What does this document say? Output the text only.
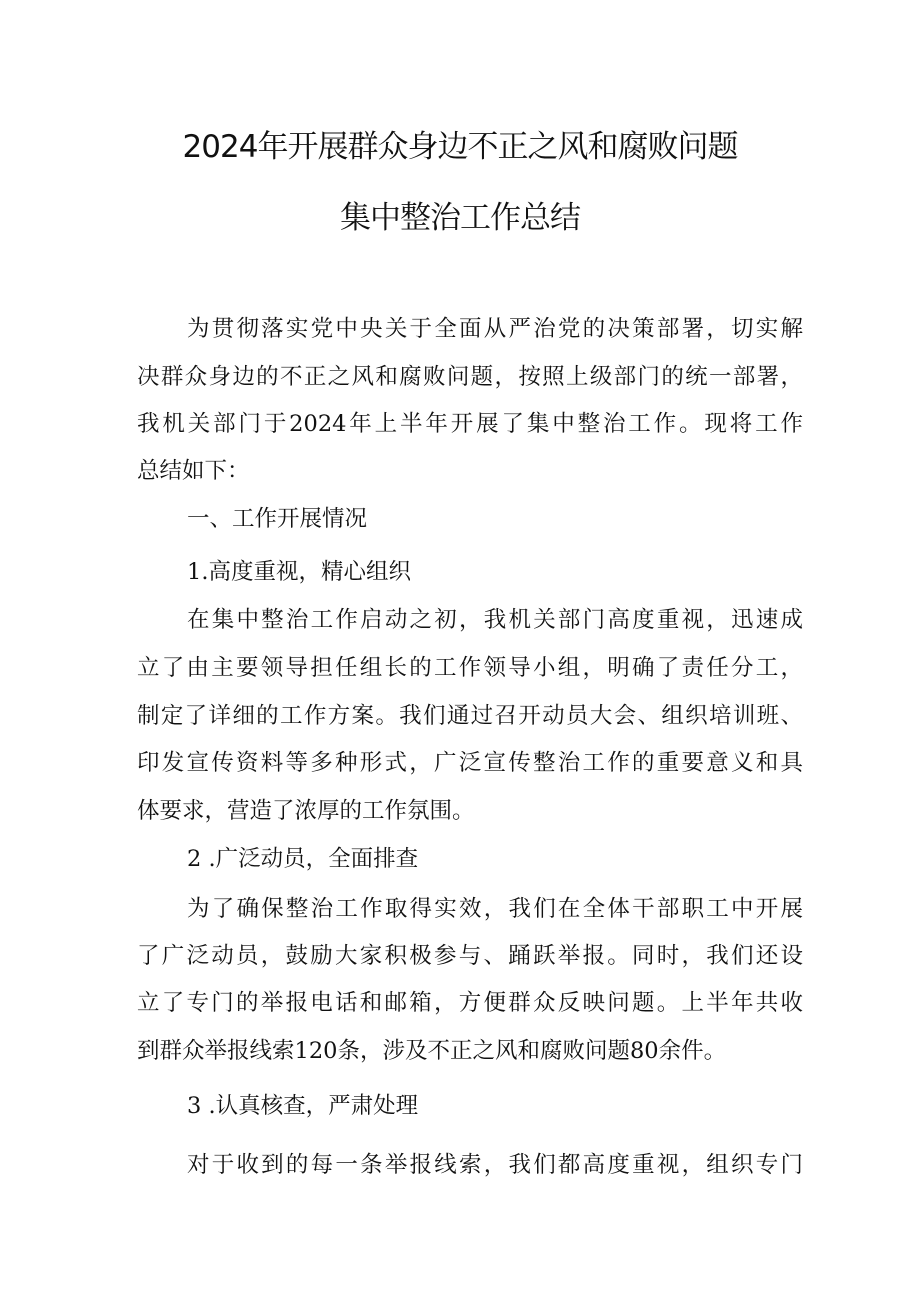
2024年开展群众身边不正之风和腐败问题
集中整治工作总结
为贯彻落实党中央关于全面从严治党的决策部署，切实解
决群众身边的不正之风和腐败问题，按照上级部门的统一部署，
我机关部门于2024年上半年开展了集中整治工作。现将工作
总结如下：
一、工作开展情况
1.高度重视，精心组织
在集中整治工作启动之初，我机关部门高度重视，迅速成
立了由主要领导担任组长的工作领导小组，明确了责任分工，
制定了详细的工作方案。我们通过召开动员大会、组织培训班、
印发宣传资料等多种形式，广泛宣传整治工作的重要意义和具
体要求，营造了浓厚的工作氛围。
2 .广泛动员，全面排查
为了确保整治工作取得实效，我们在全体干部职工中开展
了广泛动员，鼓励大家积极参与、踊跃举报。同时，我们还设
立了专门的举报电话和邮箱，方便群众反映问题。上半年共收
到群众举报线索120条，涉及不正之风和腐败问题80余件。
3 .认真核查，严肃处理
对于收到的每一条举报线索，我们都高度重视，组织专门
